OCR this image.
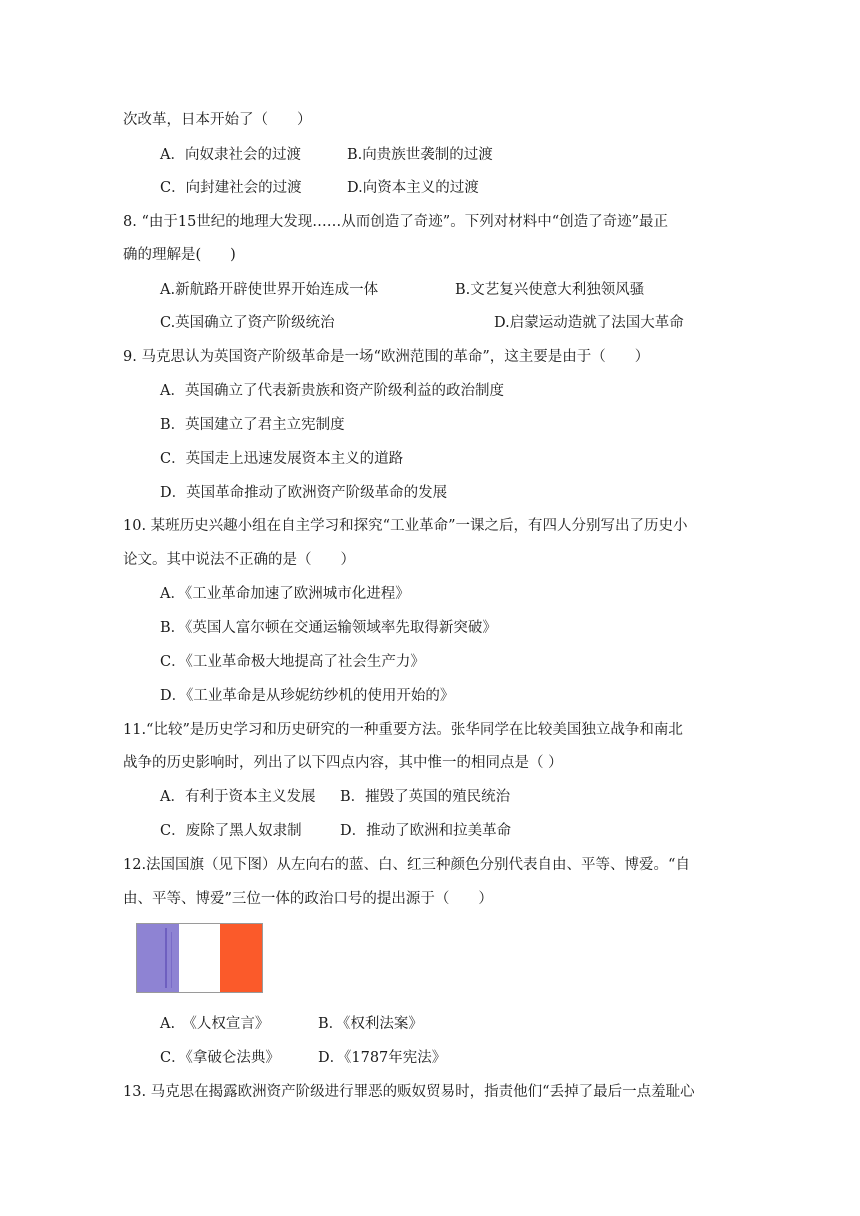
次改革，日本开始了（　　）
A．向奴隶社会的过渡	B.向贵族世袭制的过渡
C．向封建社会的过渡	D.向资本主义的过渡
8. “由于15世纪的地理大发现……从而创造了奇迹”。下列对材料中“创造了奇迹”最正
确的理解是(　　)
A.新航路开辟使世界开始连成一体	B.文艺复兴使意大利独领风骚
C.英国确立了资产阶级统治	D.启蒙运动造就了法国大革命
9. 马克思认为英国资产阶级革命是一场“欧洲范围的革命”，这主要是由于（　　）
A．英国确立了代表新贵族和资产阶级利益的政治制度
B．英国建立了君主立宪制度
C．英国走上迅速发展资本主义的道路
D．英国革命推动了欧洲资产阶级革命的发展
10. 某班历史兴趣小组在自主学习和探究“工业革命”一课之后，有四人分别写出了历史小
论文。其中说法不正确的是（　　）
A．《工业革命加速了欧洲城市化进程》
B．《英国人富尔顿在交通运输领域率先取得新突破》
C．《工业革命极大地提高了社会生产力》
D．《工业革命是从珍妮纺纱机的使用开始的》
11.“比较”是历史学习和历史研究的一种重要方法。张华同学在比较美国独立战争和南北
战争的历史影响时，列出了以下四点内容，其中惟一的相同点是（ ）
A．有利于资本主义发展 B．摧毁了英国的殖民统治
C．废除了黑人奴隶制	D．推动了欧洲和拉美革命
12.法国国旗（见下图）从左向右的蓝、白、红三种颜色分别代表自由、平等、博爱。“自
由、平等、博爱”三位一体的政治口号的提出源于（　　）
A.　《人权宣言》	B．《权利法案》
C．《拿破仑法典》	D．《1787年宪法》
13. 马克思在揭露欧洲资产阶级进行罪恶的贩奴贸易时，指责他们“丢掉了最后一点羞耻心
